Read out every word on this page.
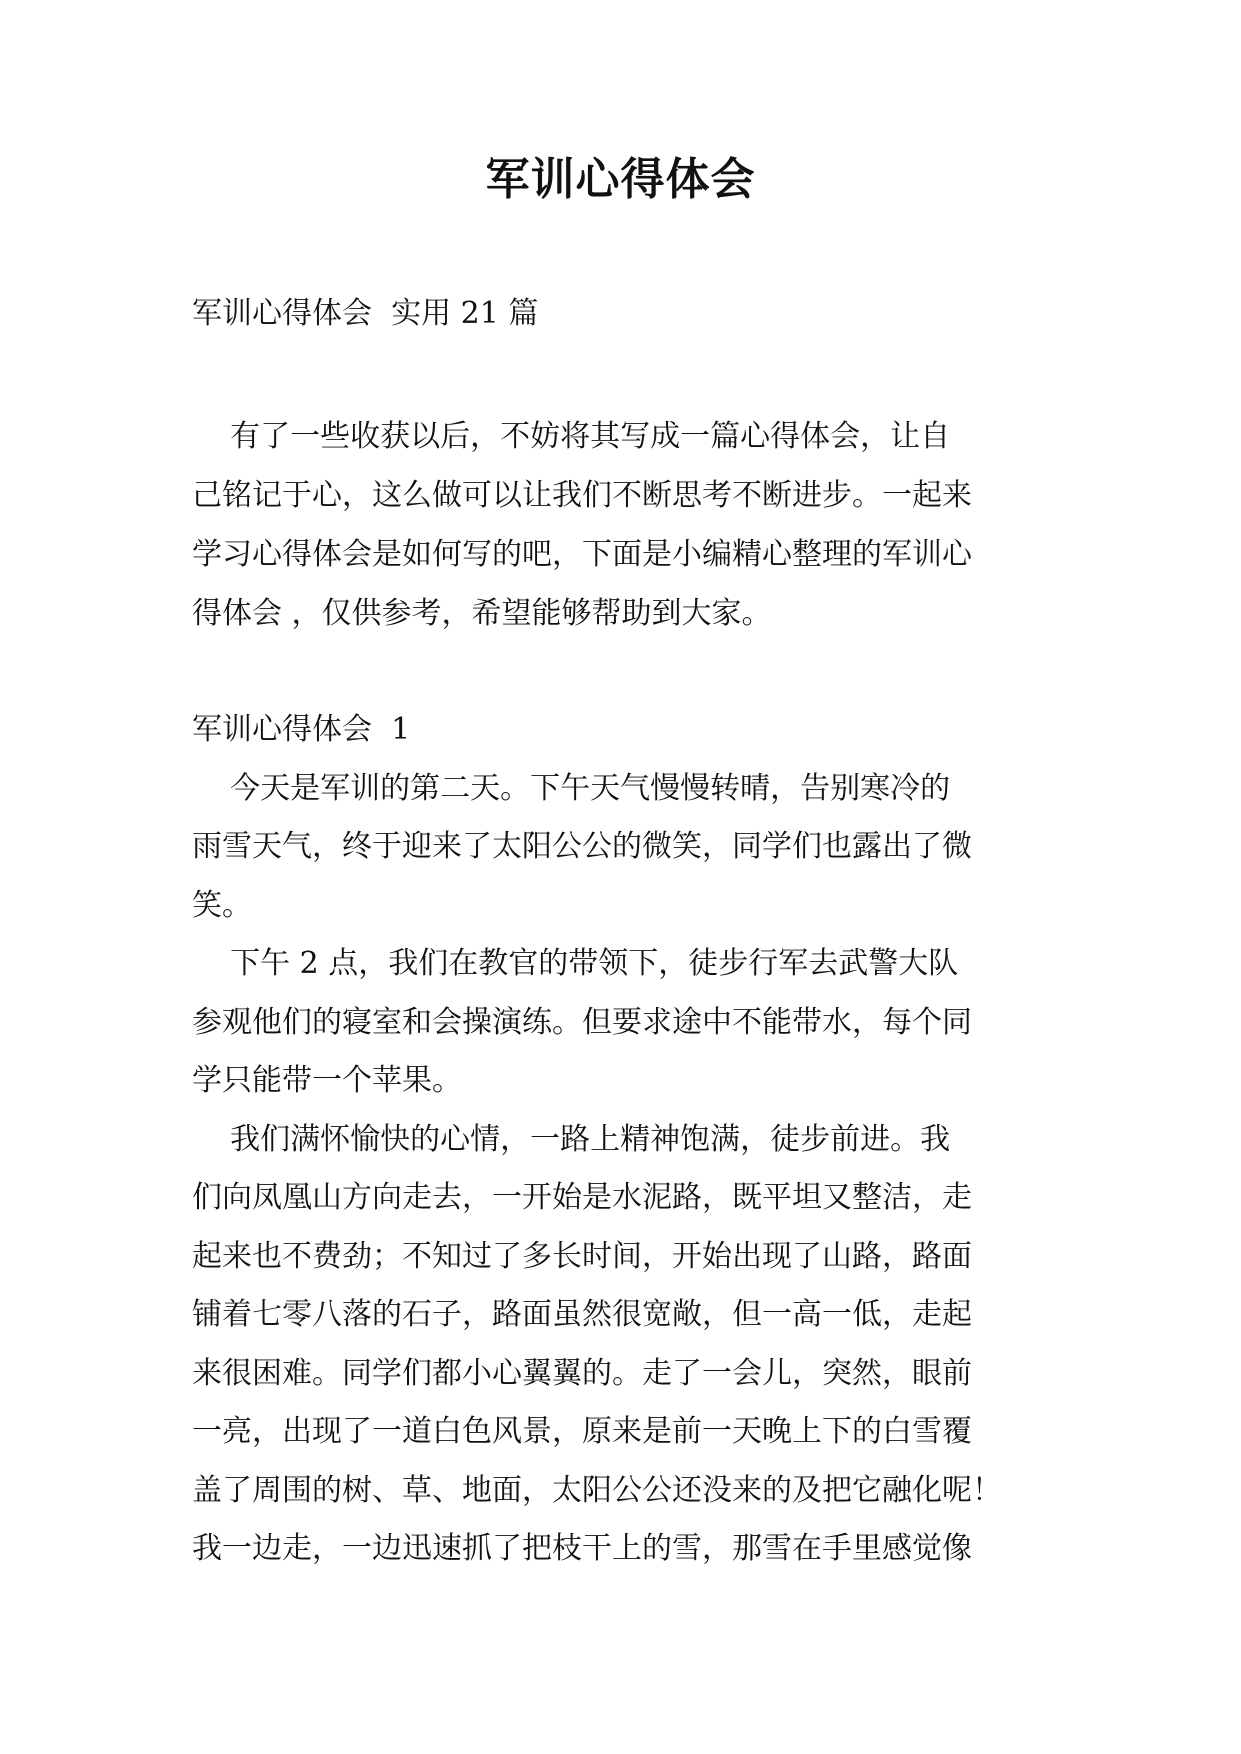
军训心得体会
军训心得体会  实用 21 篇
有了一些收获以后，不妨将其写成一篇心得体会，让自
己铭记于心，这么做可以让我们不断思考不断进步。一起来
学习心得体会是如何写的吧，下面是小编精心整理的军训心
得体会 ，仅供参考，希望能够帮助到大家。
军训心得体会  1
今天是军训的第二天。下午天气慢慢转晴，告别寒冷的
雨雪天气，终于迎来了太阳公公的微笑，同学们也露出了微
笑。
下午 2 点，我们在教官的带领下，徒步行军去武警大队
参观他们的寝室和会操演练。但要求途中不能带水，每个同
学只能带一个苹果。
我们满怀愉快的心情，一路上精神饱满，徒步前进。我
们向凤凰山方向走去，一开始是水泥路，既平坦又整洁，走
起来也不费劲；不知过了多长时间，开始出现了山路，路面
铺着七零八落的石子，路面虽然很宽敞，但一高一低，走起
来很困难。同学们都小心翼翼的。走了一会儿，突然，眼前
一亮，出现了一道白色风景，原来是前一天晚上下的白雪覆
盖了周围的树、草、地面，太阳公公还没来的及把它融化呢！
我一边走，一边迅速抓了把枝干上的雪，那雪在手里感觉像
